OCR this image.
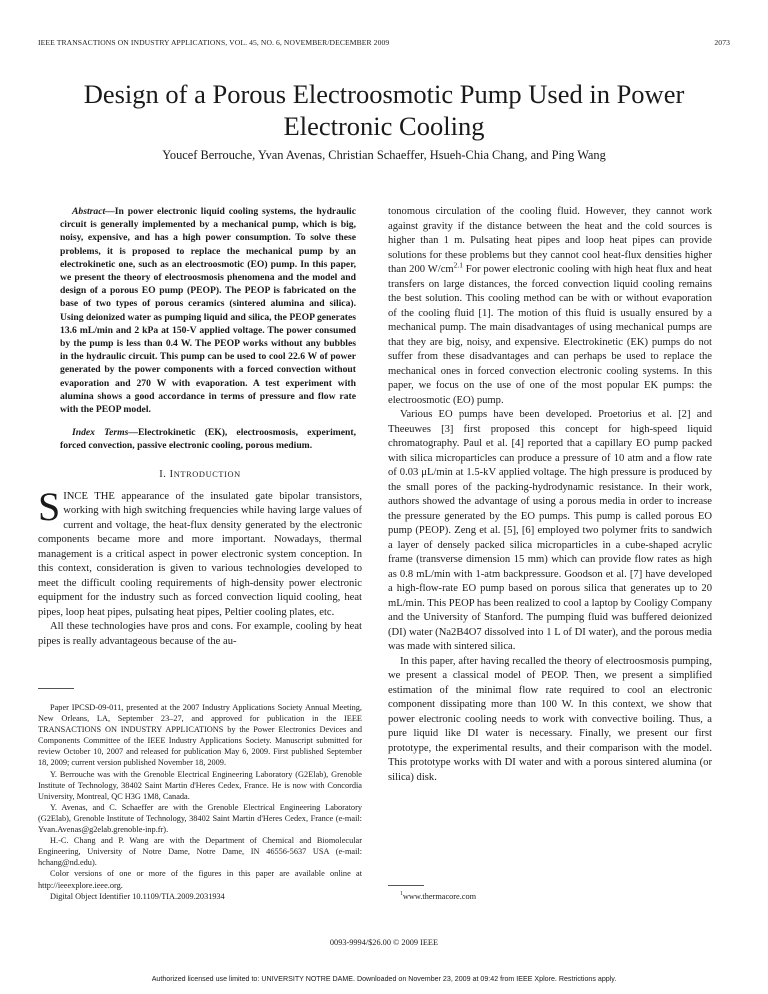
IEEE TRANSACTIONS ON INDUSTRY APPLICATIONS, VOL. 45, NO. 6, NOVEMBER/DECEMBER 2009	2073
Design of a Porous Electroosmotic Pump Used in Power Electronic Cooling
Youcef Berrouche, Yvan Avenas, Christian Schaeffer, Hsueh-Chia Chang, and Ping Wang

Abstract—In power electronic liquid cooling systems, the hydraulic circuit is generally implemented by a mechanical pump, which is big, noisy, expensive, and has a high power consumption. To solve these problems, it is proposed to replace the mechanical pump by an electrokinetic one, such as an electroosmotic (EO) pump. In this paper, we present the theory of electroosmosis phenomena and the model and design of a porous EO pump (PEOP). The PEOP is fabricated on the base of two types of porous ceramics (sintered alumina and silica). Using deionized water as pumping liquid and silica, the PEOP generates 13.6 mL/min and 2 kPa at 150-V applied voltage. The power consumed by the pump is less than 0.4 W. The PEOP works without any bubbles in the hydraulic circuit. This pump can be used to cool 22.6 W of power generated by the power components with a forced convection without evaporation and 270 W with evaporation. A test experiment with alumina shows a good accordance in terms of pressure and flow rate with the PEOP model.

Index Terms—Electrokinetic (EK), electroosmosis, experiment, forced convection, passive electronic cooling, porous medium.

I. INTRODUCTION

SINCE THE appearance of the insulated gate bipolar transistors, working with high switching frequencies while having large values of current and voltage, the heat-flux density generated by the electronic components became more and more important. Nowadays, thermal management is a critical aspect in power electronic system conception. In this context, consideration is given to various technologies developed to meet the difficult cooling requirements of high-density power electronic equipment for the industry such as forced convection liquid cooling, heat pipes, loop heat pipes, pulsating heat pipes, Peltier cooling plates, etc.

All these technologies have pros and cons. For example, cooling by heat pipes is really advantageous because of the au-

Paper IPCSD-09-011, presented at the 2007 Industry Applications Society Annual Meeting, New Orleans, LA, September 23–27, and approved for publication in the IEEE TRANSACTIONS ON INDUSTRY APPLICATIONS by the Power Electronics Devices and Components Committee of the IEEE Industry Applications Society. Manuscript submitted for review October 10, 2007 and released for publication May 6, 2009. First published September 18, 2009; current version published November 18, 2009.

Y. Berrouche was with the Grenoble Electrical Engineering Laboratory (G2Elab), Grenoble Institute of Technology, 38402 Saint Martin d'Heres Cedex, France. He is now with Concordia University, Montreal, QC H3G 1M8, Canada.

Y. Avenas, and C. Schaeffer are with the Grenoble Electrical Engineering Laboratory (G2Elab), Grenoble Institute of Technology, 38402 Saint Martin d'Heres Cedex, France (e-mail: Yvan.Avenas@g2elab.grenoble-inp.fr).

H.-C. Chang and P. Wang are with the Department of Chemical and Biomolecular Engineering, University of Notre Dame, Notre Dame, IN 46556-5637 USA (e-mail: hchang@nd.edu).

Color versions of one or more of the figures in this paper are available online at http://ieeexplore.ieee.org.

Digital Object Identifier 10.1109/TIA.2009.2031934

tonomous circulation of the cooling fluid. However, they cannot work against gravity if the distance between the heat and the cold sources is higher than 1 m. Pulsating heat pipes and loop heat pipes can provide solutions for these problems but they cannot cool heat-flux densities higher than 200 $W/cm^{2.1}$ For power electronic cooling with high heat flux and heat transfers on large distances, the forced convection liquid cooling remains the best solution. This cooling method can be with or without evaporation of the cooling fluid [1]. The motion of this fluid is usually ensured by a mechanical pump. The main disadvantages of using mechanical pumps are that they are big, noisy, and expensive. Electrokinetic (EK) pumps do not suffer from these disadvantages and can perhaps be used to replace the mechanical ones in forced convection electronic cooling systems. In this paper, we focus on the use of one of the most popular EK pumps: the electroosmotic (EO) pump.

Various EO pumps have been developed. Proetorius et al. [2] and Theeuwes [3] first proposed this concept for high-speed liquid chromatography. Paul et al. [4] reported that a capillary EO pump packed with silica microparticles can produce a pressure of 10 atm and a flow rate of 0.03 μL/min at 1.5-kV applied voltage. The high pressure is produced by the small pores of the packing-hydrodynamic resistance. In their work, authors showed the advantage of using a porous media in order to increase the pressure generated by the EO pumps. This pump is called porous EO pump (PEOP). Zeng et al. [5], [6] employed two polymer frits to sandwich a layer of densely packed silica microparticles in a cube-shaped acrylic frame (transverse dimension 15 mm) which can provide flow rates as high as 0.8 mL/min with 1-atm backpressure. Goodson et al. [7] have developed a high-flow-rate EO pump based on porous silica that generates up to 20 mL/min. This PEOP has been realized to cool a laptop by Cooligy Company and the University of Stanford. The pumping fluid was buffered deionized (DI) water (Na2B4O7 dissolved into 1 L of DI water), and the porous media was made with sintered silica.

In this paper, after having recalled the theory of electroosmosis pumping, we present a classical model of PEOP. Then, we present a simplified estimation of the minimal flow rate required to cool an electronic component dissipating more than 100 W. In this context, we show that power electronic cooling needs to work with convective boiling. Thus, a pure liquid like DI water is necessary. Finally, we present our first prototype, the experimental results, and their comparison with the model. This prototype works with DI water and with a porous sintered alumina (or silica) disk.

$^1$www.thermacore.com
0093-9994/$26.00 © 2009 IEEE
Authorized licensed use limited to: UNIVERSITY NOTRE DAME. Downloaded on November 23, 2009 at 09:42 from IEEE Xplore. Restrictions apply.
